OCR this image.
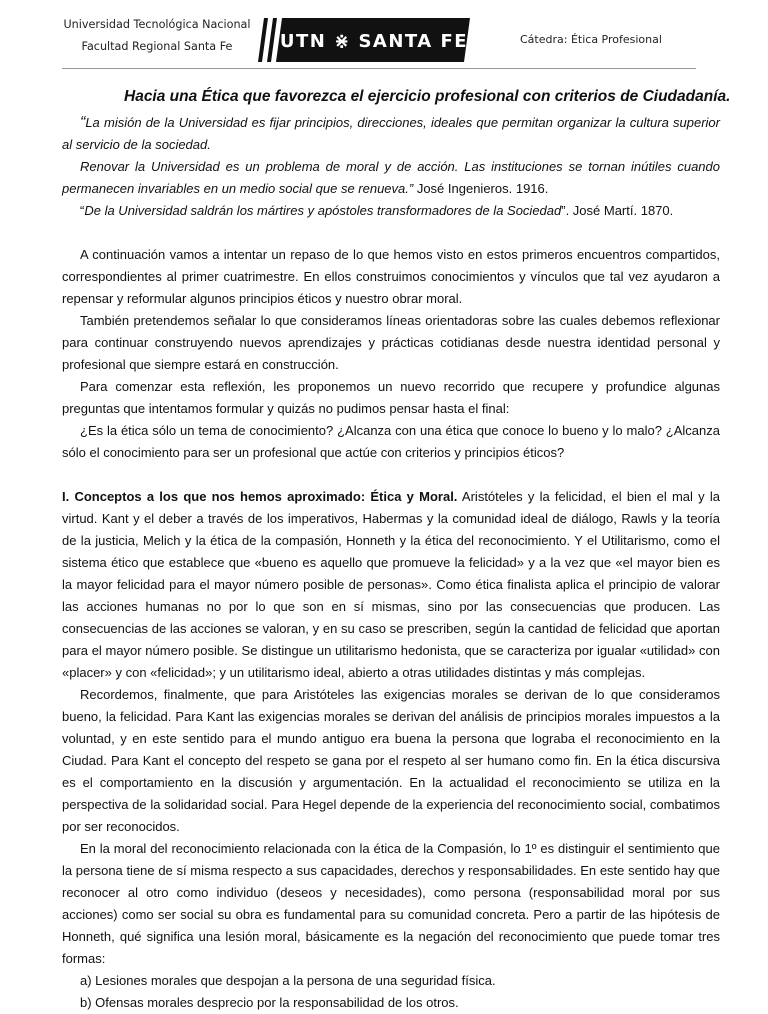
Universidad Tecnológica Nacional
Facultad Regional Santa Fe	UTN ⋇ SANTA FE	Cátedra: Ética Profesional

Hacia una Ética que favorezca el ejercicio profesional con criterios de Ciudadanía.

“La misión de la Universidad es fijar principios, direcciones, ideales que permitan organizar la cultura superior al servicio de la sociedad.

Renovar la Universidad es un problema de moral y de acción. Las instituciones se tornan inútiles cuando permanecen invariables en un medio social que se renueva.” José Ingenieros. 1916.

“De la Universidad saldrán los mártires y apóstoles transformadores de la Sociedad”. José Martí. 1870.

A continuación vamos a intentar un repaso de lo que hemos visto en estos primeros encuentros compartidos, correspondientes al primer cuatrimestre. En ellos construimos conocimientos y vínculos que tal vez ayudaron a repensar y reformular algunos principios éticos y nuestro obrar moral.

También pretendemos señalar lo que consideramos líneas orientadoras sobre las cuales debemos reflexionar para continuar construyendo nuevos aprendizajes y prácticas cotidianas desde nuestra identidad personal y profesional que siempre estará en construcción.

Para comenzar esta reflexión, les proponemos un nuevo recorrido que recupere y profundice algunas preguntas que intentamos formular y quizás no pudimos pensar hasta el final:

¿Es la ética sólo un tema de conocimiento? ¿Alcanza con una ética que conoce lo bueno y lo malo? ¿Alcanza sólo el conocimiento para ser un profesional que actúe con criterios y principios éticos?

I. Conceptos a los que nos hemos aproximado: Ética y Moral. Aristóteles y la felicidad, el bien el mal y la virtud. Kant y el deber a través de los imperativos, Habermas y la comunidad ideal de diálogo, Rawls y la teoría de la justicia, Melich y la ética de la compasión, Honneth y la ética del reconocimiento. Y el Utilitarismo, como el sistema ético que establece que «bueno es aquello que promueve la felicidad» y a la vez que «el mayor bien es la mayor felicidad para el mayor número posible de personas». Como ética finalista aplica el principio de valorar las acciones humanas no por lo que son en sí mismas, sino por las consecuencias que producen. Las consecuencias de las acciones se valoran, y en su caso se prescriben, según la cantidad de felicidad que aportan para el mayor número posible. Se distingue un utilitarismo hedonista, que se caracteriza por igualar «utilidad» con «placer» y con «felicidad»; y un utilitarismo ideal, abierto a otras utilidades distintas y más complejas.

Recordemos, finalmente, que para Aristóteles las exigencias morales se derivan de lo que consideramos bueno, la felicidad. Para Kant las exigencias morales se derivan del análisis de principios morales impuestos a la voluntad, y en este sentido para el mundo antiguo era buena la persona que lograba el reconocimiento en la Ciudad. Para Kant el concepto del respeto se gana por el respeto al ser humano como fin. En la ética discursiva es el comportamiento en la discusión y argumentación. En la actualidad el reconocimiento se utiliza en la perspectiva de la solidaridad social. Para Hegel depende de la experiencia del reconocimiento social, combatimos por ser reconocidos.

En la moral del reconocimiento relacionada con la ética de la Compasión, lo 1º es distinguir el sentimiento que la persona tiene de sí misma respecto a sus capacidades, derechos y responsabilidades. En este sentido hay que reconocer al otro como individuo (deseos y necesidades), como persona (responsabilidad moral por sus acciones) como ser social su obra es fundamental para su comunidad concreta. Pero a partir de las hipótesis de Honneth, qué significa una lesión moral, básicamente es la negación del reconocimiento que puede tomar tres formas:

a) Lesiones morales que despojan a la persona de una seguridad física.

b) Ofensas morales desprecio por la responsabilidad de los otros.
